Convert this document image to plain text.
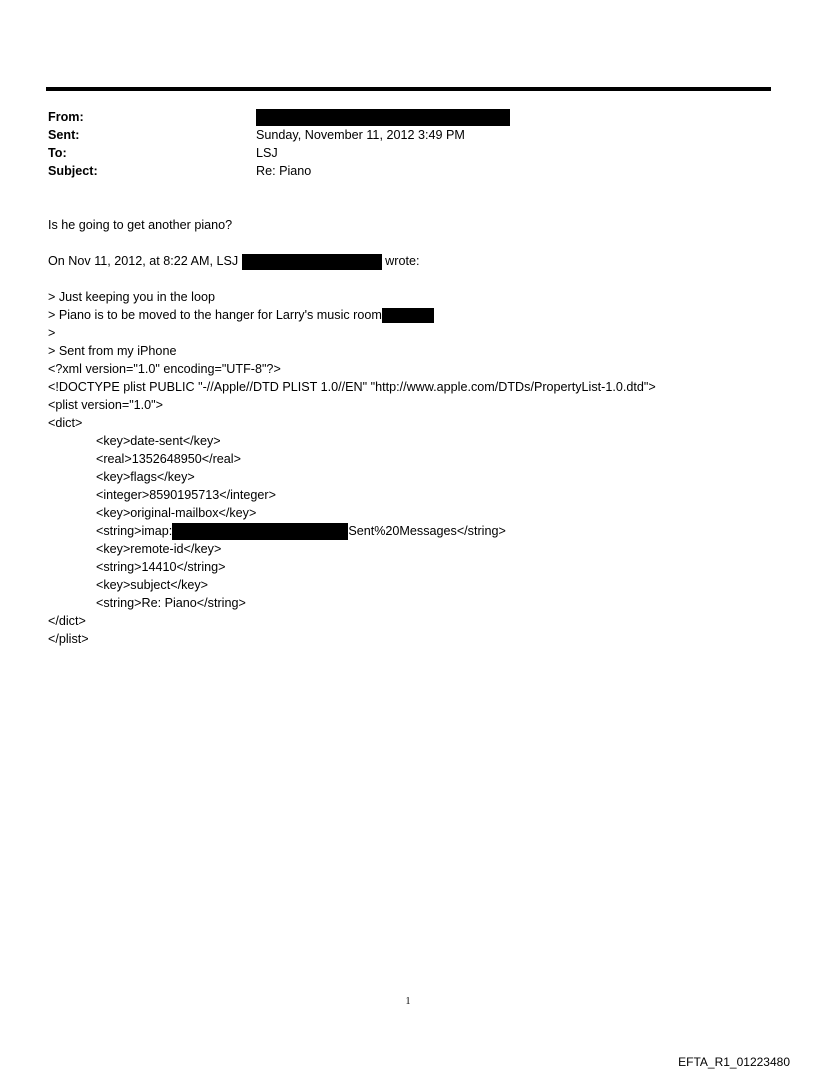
From:
Sent:	Sunday, November 11, 2012 3:49 PM
To:	LSJ
Subject:	Re: Piano
Is he going to get another piano?
On Nov 11, 2012, at 8:22 AM, LSJ	wrote:
> Just keeping you in the loop
> Piano is to be moved to the hanger for Larry's music room
>
> Sent from my iPhone
<?xml version="1.0" encoding="UTF-8"?>
<!DOCTYPE plist PUBLIC "-//Apple//DTD PLIST 1.0//EN" "http://www.apple.com/DTDs/PropertyList-1.0.dtd">
<plist version="1.0">
<dict>
<key>date-sent</key>
<real>1352648950</real>
<key>flags</key>
<integer>8590195713</integer>
<key>original-mailbox</key>
<string>imap:	Sent%20Messages</string>
<key>remote-id</key>
<string>14410</string>
<key>subject</key>
<string>Re: Piano</string>
</dict>
</plist>
1
EFTA_R1_01223480
